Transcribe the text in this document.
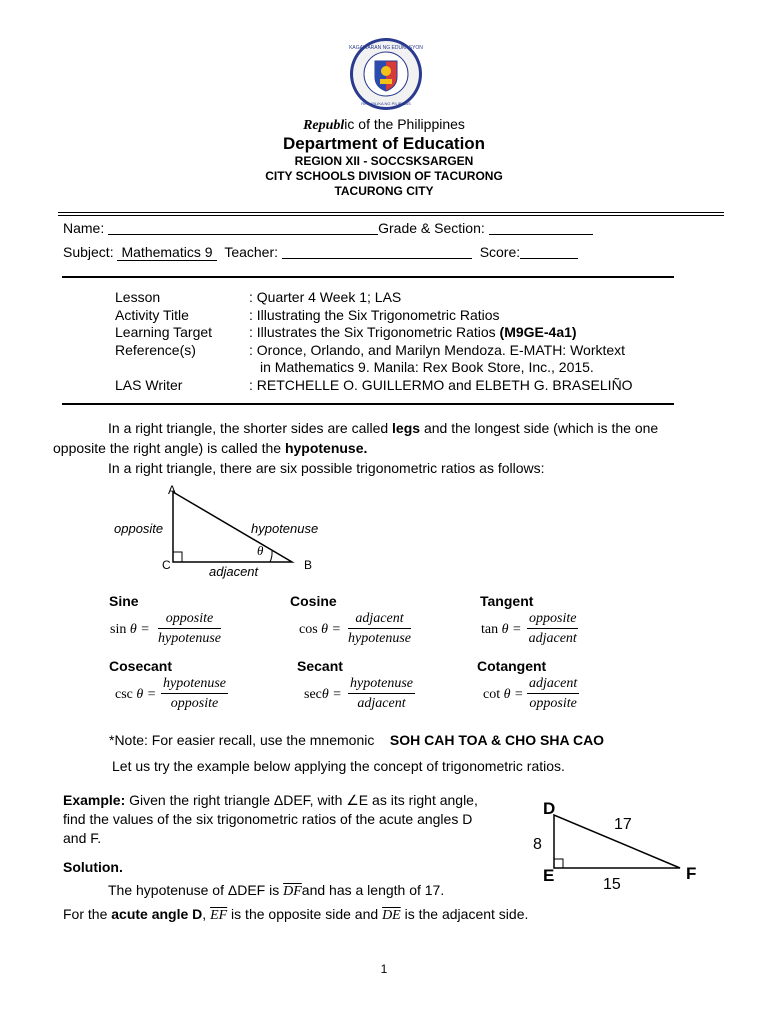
KAGAWARAN NG EDUKASYON
REPUBLIKA NG PILIPINAS
Republic of the Philippines
Department of Education
REGION XII - SOCCSKSARGEN
CITY SCHOOLS DIVISION OF TACURONG
TACURONG CITY
Name:	Grade & Section:
Subject: Mathematics 9 Teacher:	Score:
Lesson	: Quarter 4 Week 1; LAS
Activity Title	: Illustrating the Six Trigonometric Ratios
Learning Target	: Illustrates the Six Trigonometric Ratios (M9GE-4a1)
Reference(s)	: Oronce, Orlando, and Marilyn Mendoza. E-MATH: Worktext
in Mathematics 9. Manila: Rex Book Store, Inc., 2015.
LAS Writer	: RETCHELLE O. GUILLERMO and ELBETH G. BRASELIÑO
In a right triangle, the shorter sides are called legs and the longest side (which is the one
opposite the right angle) is called the hypotenuse.
In a right triangle, there are six possible trigonometric ratios as follows:
A
C	B
opposite	hypotenuse
adjacent
θ
Sine
sin θ =
opposite
hypotenuse
Cosine
cos θ =
adjacent
hypotenuse
Tangent
tan θ =
opposite
adjacent
Cosecant
csc θ =
hypotenuse
opposite
Secant
secθ =
hypotenuse
adjacent
Cotangent
cot θ =
adjacent
opposite
*Note: For easier recall, use the mnemonic SOH CAH TOA & CHO SHA CAO
Let us try the example below applying the concept of trigonometric ratios.
Example: Given the right triangle ΔDEF, with ∠E as its right angle,
find the values of the six trigonometric ratios of the acute angles D
and F.
Solution.
The hypotenuse of ΔDEF is $\overline{DF}and$ has a length of 17.
For the acute angle D, $\overline{EF}$ is the opposite side and $\overline{DE}$ is the adjacent side.
D
E	F
8
17
15
1
